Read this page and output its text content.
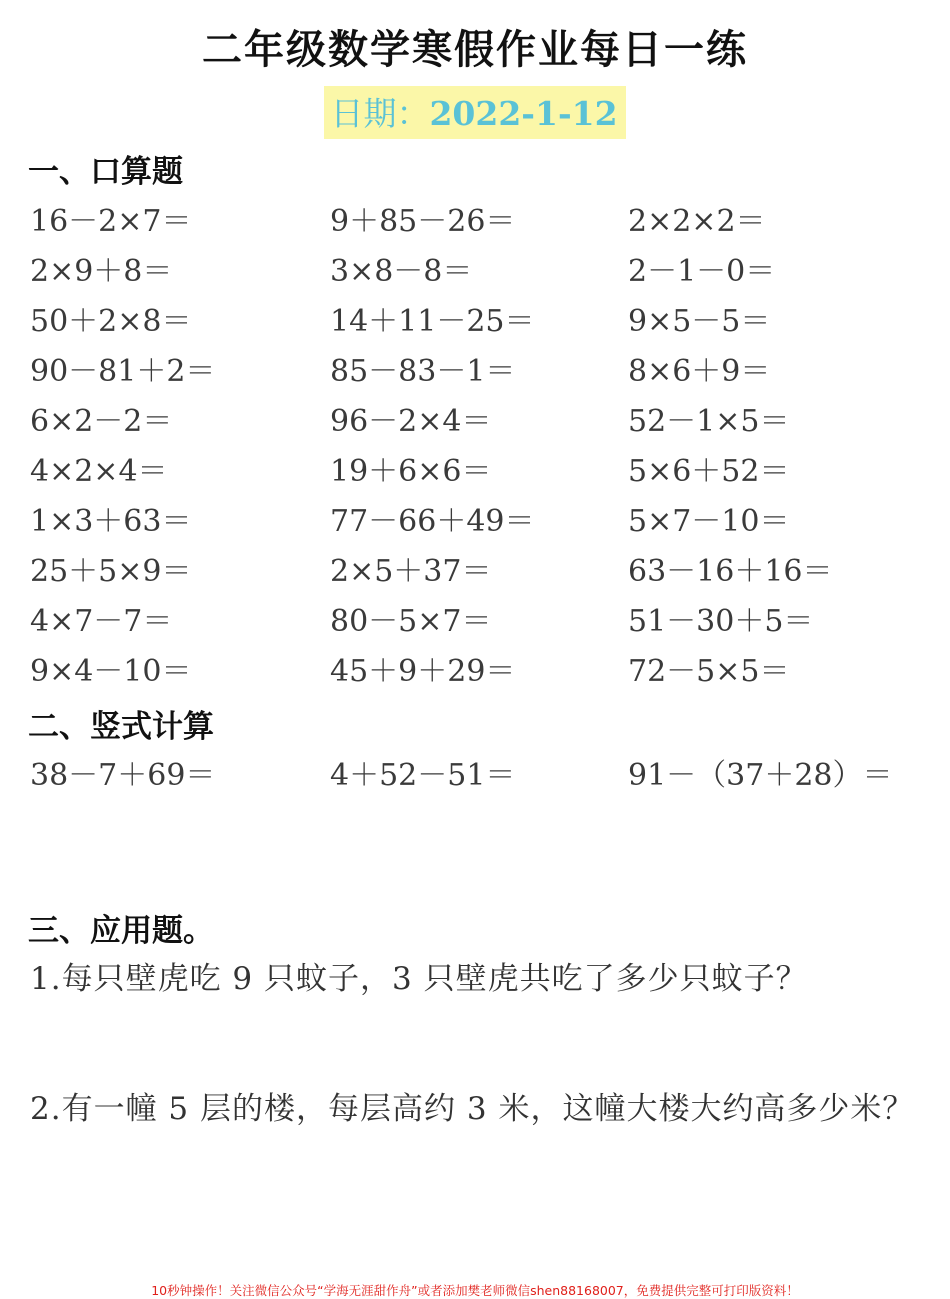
二年级数学寒假作业每日一练
日期：2022-1-12
一、口算题
16－2×7＝	9＋85－26＝	2×2×2＝
2×9＋8＝	3×8－8＝	2－1－0＝
50＋2×8＝	14＋11－25＝	9×5－5＝
90－81＋2＝	85－83－1＝	8×6＋9＝
6×2－2＝	96－2×4＝	52－1×5＝
4×2×4＝	19＋6×6＝	5×6＋52＝
1×3＋63＝	77－66＋49＝	5×7－10＝
25＋5×9＝	2×5＋37＝	63－16＋16＝
4×7－7＝	80－5×7＝	51－30＋5＝
9×4－10＝	45＋9＋29＝	72－5×5＝
二、竖式计算
38－7＋69＝	4＋52－51＝	91－（37＋28）＝
三、应用题。
1.每只壁虎吃 9 只蚊子，3 只壁虎共吃了多少只蚊子？
2.有一幢 5 层的楼，每层高约 3 米，这幢大楼大约高多少米？
10秒钟操作！关注微信公众号“学海无涯甜作舟”或者添加樊老师微信shen88168007，免费提供完整可打印版资料！
